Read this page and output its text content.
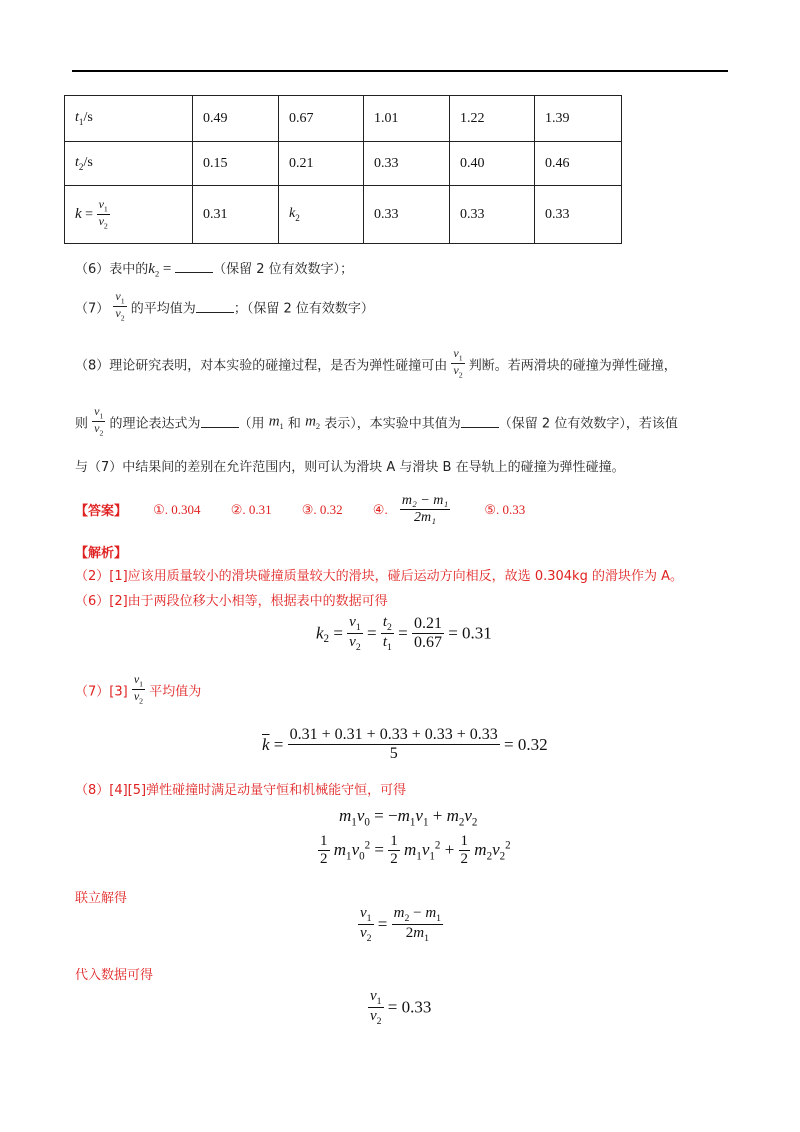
$t_1/s$	0.49	0.67	1.01	1.22	1.39
$t_2/s$	0.15	0.21	0.33	0.40	0.46
$k = \frac{v_1}{v_2}$	0.31	$k_2$	0.33	0.33	0.33
（6）表中的$k_2$ =	（保留 2 位有效数字）；
$(7) \frac{v_1}{v_2}$ 的平均值为	；（保留 2 位有效数字）
（8）理论研究表明，对本实验的碰撞过程，是否为弹性碰撞可由 $\frac{v_1}{v_2}$ 判断。若两滑块的碰撞为弹性碰撞，
则 $\frac{v_1}{v_2}$ 的理论表达式为	（用 $m_1$ 和 $m_2$ 表示），本实验中其值为	（保留 2 位有效数字），若该值
与（7）中结果间的差别在允许范围内，则可认为滑块 A 与滑块 B 在导轨上的碰撞为弹性碰撞。
【答案】 ①. 0.304 ②. 0.31 ③. 0.32 ④. $\frac{\text{m₂ − m₁}}{\text{2m₁}}$	⑤. 0.33
【解析】
（2）[1]应该用质量较小的滑块碰撞质量较大的滑块，碰后运动方向相反，故选 0.304kg 的滑块作为 A。
（6）[2]由于两段位移大小相等，根据表中的数据可得
$k_2 = \frac{v_1}{v_2} = \frac{t_2}{t_1} = \frac{0.21}{0.67} = 0.31$
$(7)[3] \frac{v_1}{v_2}$ 平均值为
$\overline{k} = \frac{0.31 + 0.31 + 0.33 + 0.33 + 0.33}{5} = 0.32$
（8）[4][5]弹性碰撞时满足动量守恒和机械能守恒，可得
$m_1v_0 = -m_1v_1 + m_2v_2$
$\frac{1}{2} m_1v_0^2 = \frac{1}{2} m_1v_1^2 + \frac{1}{2} m_2v_2^2$
联立解得
$\frac{v_1}{v_2} = \frac{m_2 - m_1}{2m_1}$
代入数据可得
$\frac{v_1}{v_2} = 0.33$
